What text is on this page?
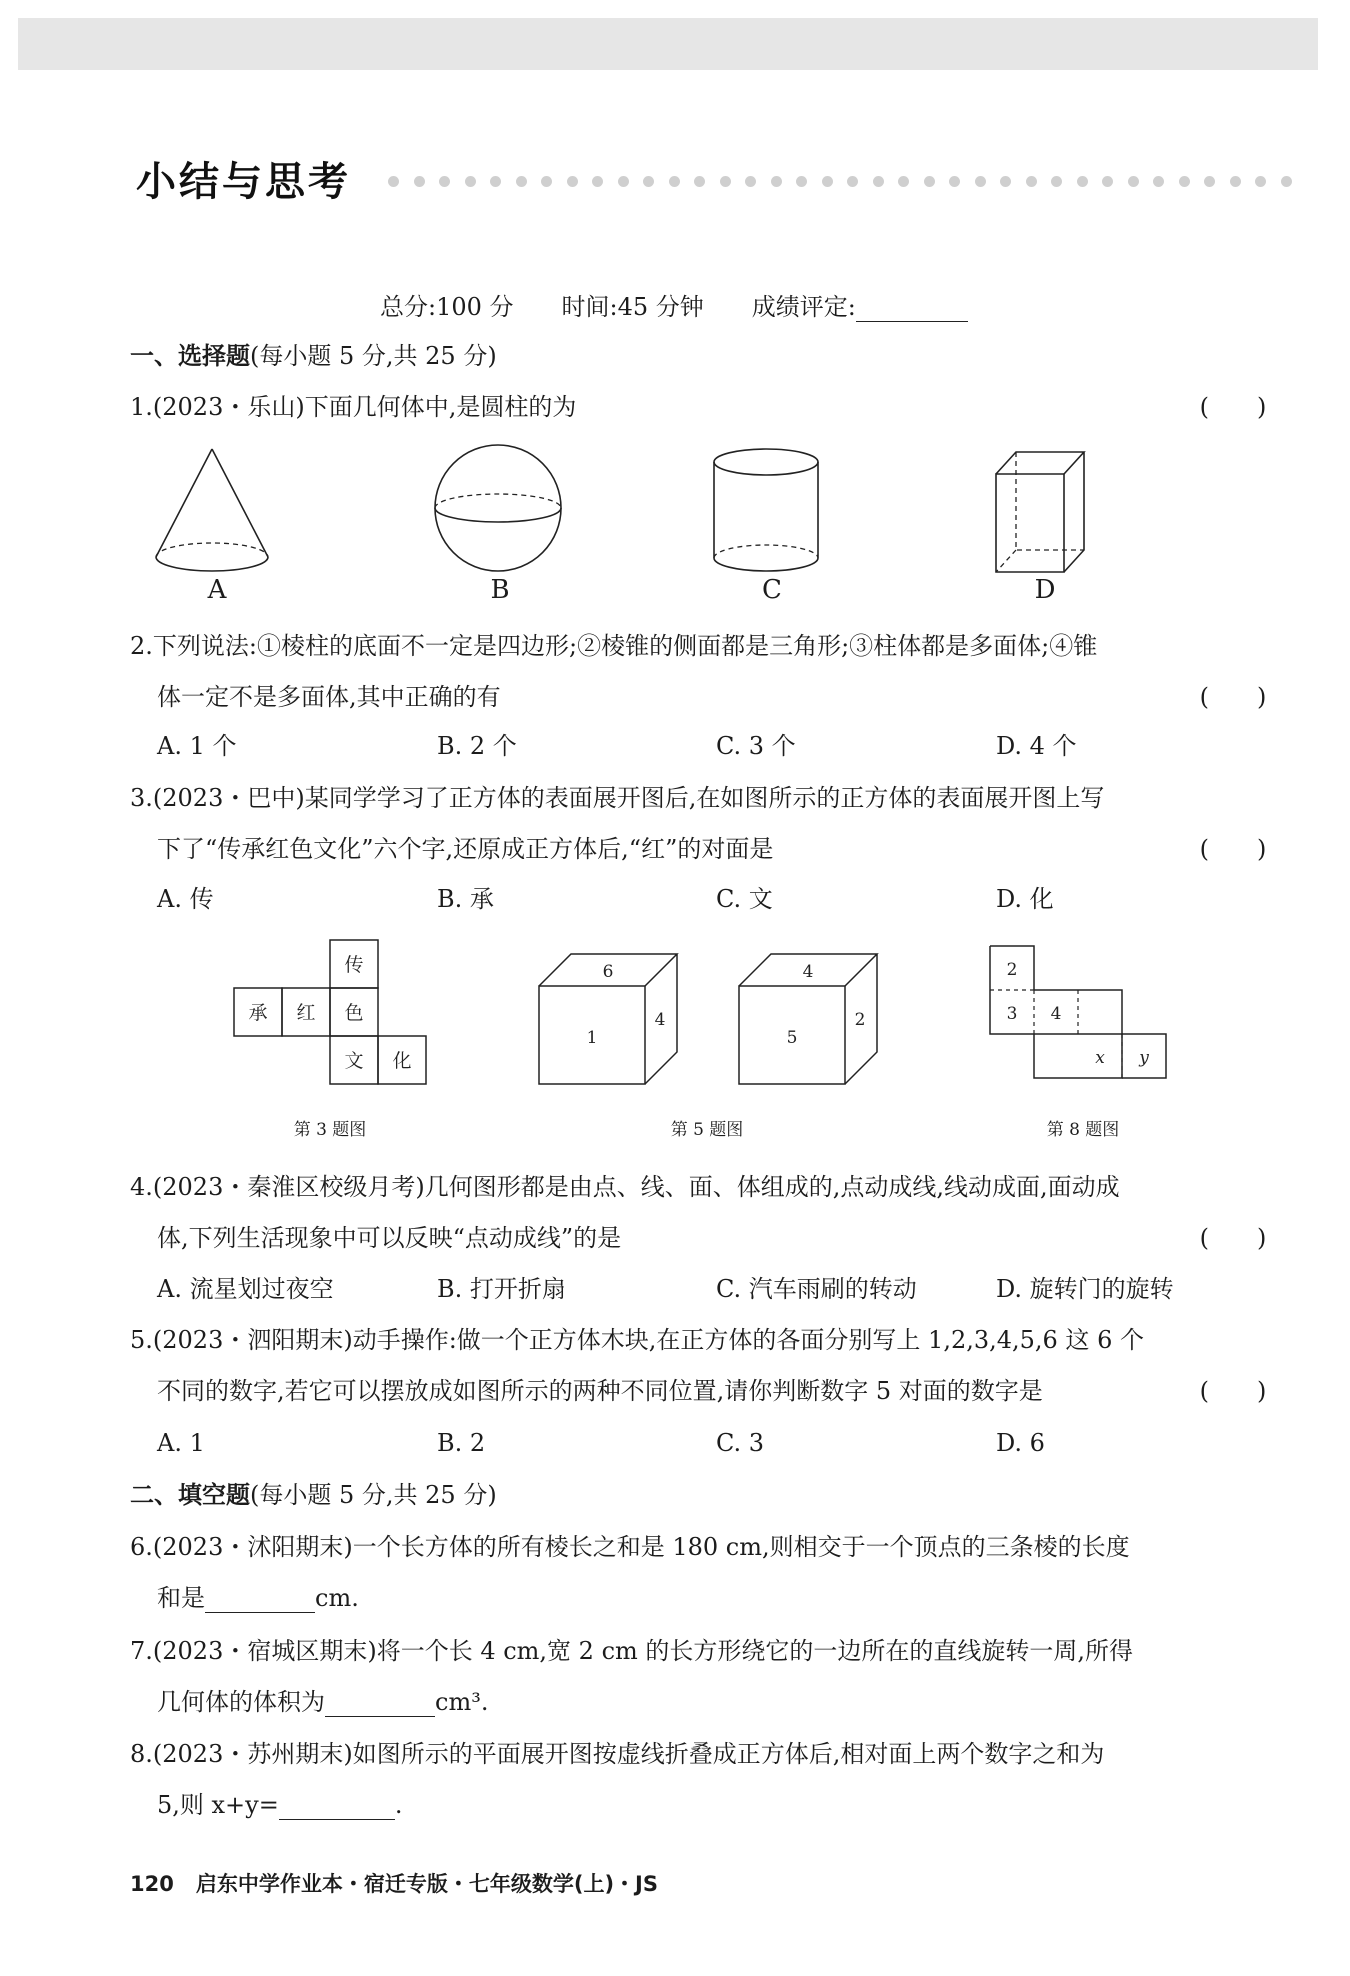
小结与思考
总分:100 分　　时间:45 分钟　　成绩评定:
一、选择题(每小题 5 分,共 25 分)
1.(2023・乐山)下面几何体中,是圆柱的为	(　　)
A	B	C	D
2.下列说法:①棱柱的底面不一定是四边形;②棱锥的侧面都是三角形;③柱体都是多面体;④锥
体一定不是多面体,其中正确的有	(　　)
A. 1 个	B. 2 个	C. 3 个	D. 4 个
3.(2023・巴中)某同学学习了正方体的表面展开图后,在如图所示的正方体的表面展开图上写
下了“传承红色文化”六个字,还原成正方体后,“红”的对面是	(　　)
A. 传	B. 承	C. 文	D. 化
传
承 红 色
文 化
6
1
4
4
5
2
2
3 4
x y
第 3 题图	第 5 题图	第 8 题图
4.(2023・秦淮区校级月考)几何图形都是由点、线、面、体组成的,点动成线,线动成面,面动成
体,下列生活现象中可以反映“点动成线”的是	(　　)
A. 流星划过夜空	B. 打开折扇	C. 汽车雨刷的转动	D. 旋转门的旋转
5.(2023・泗阳期末)动手操作:做一个正方体木块,在正方体的各面分别写上 1,2,3,4,5,6 这 6 个
不同的数字,若它可以摆放成如图所示的两种不同位置,请你判断数字 5 对面的数字是	(　　)
A. 1	B. 2	C. 3	D. 6
二、填空题(每小题 5 分,共 25 分)
6.(2023・沭阳期末)一个长方体的所有棱长之和是 180 cm,则相交于一个顶点的三条棱的长度
和是	cm.
7.(2023・宿城区期末)将一个长 4 cm,宽 2 cm 的长方形绕它的一边所在的直线旋转一周,所得
几何体的体积为	cm³.
8.(2023・苏州期末)如图所示的平面展开图按虚线折叠成正方体后,相对面上两个数字之和为
5,则 x+y=	.
120 启东中学作业本・宿迁专版・七年级数学(上)・JS
